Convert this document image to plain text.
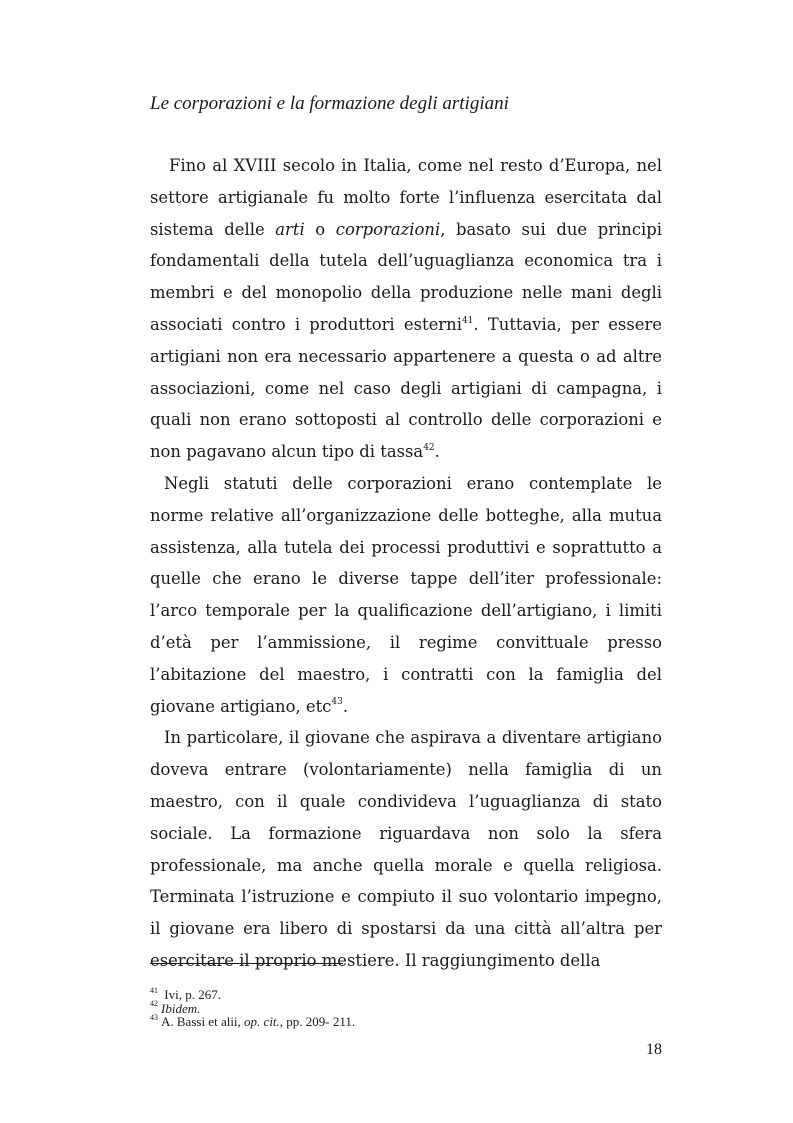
Le corporazioni e la formazione degli artigiani

Fino al XVIII secolo in Italia, come nel resto d’Europa, nel settore artigianale fu molto forte l’influenza esercitata dal sistema delle arti o corporazioni, basato sui due principi fondamentali della tutela dell’uguaglianza economica tra i membri e del monopolio della produzione nelle mani degli associati contro i produttori esterni$^{41}$. Tuttavia, per essere artigiani non era necessario appartenere a questa o ad altre associazioni, come nel caso degli artigiani di campagna, i quali non erano sottoposti al controllo delle corporazioni e non pagavano alcun tipo di tassa$^{42}$.

Negli statuti delle corporazioni erano contemplate le norme relative all’organizzazione delle botteghe, alla mutua assistenza, alla tutela dei processi produttivi e soprattutto a quelle che erano le diverse tappe dell’iter professionale: l’arco temporale per la qualificazione dell’artigiano, i limiti d’età per l’ammissione, il regime convittuale presso l’abitazione del maestro, i contratti con la famiglia del giovane artigiano, etc$^{43}$.

In particolare, il giovane che aspirava a diventare artigiano doveva entrare (volontariamente) nella famiglia di un maestro, con il quale condivideva l’uguaglianza di stato sociale. La formazione riguardava non solo la sfera professionale, ma anche quella morale e quella religiosa. Terminata l’istruzione e compiuto il suo volontario impegno, il giovane era libero di spostarsi da una città all’altra per esercitare il proprio mestiere. Il raggiungimento della

$^{41}$ Ivi, p. 267.
$^{42}$ Ibidem.
$^{43}$ A. Bassi et alii, op. cit., pp. 209- 211.
18
